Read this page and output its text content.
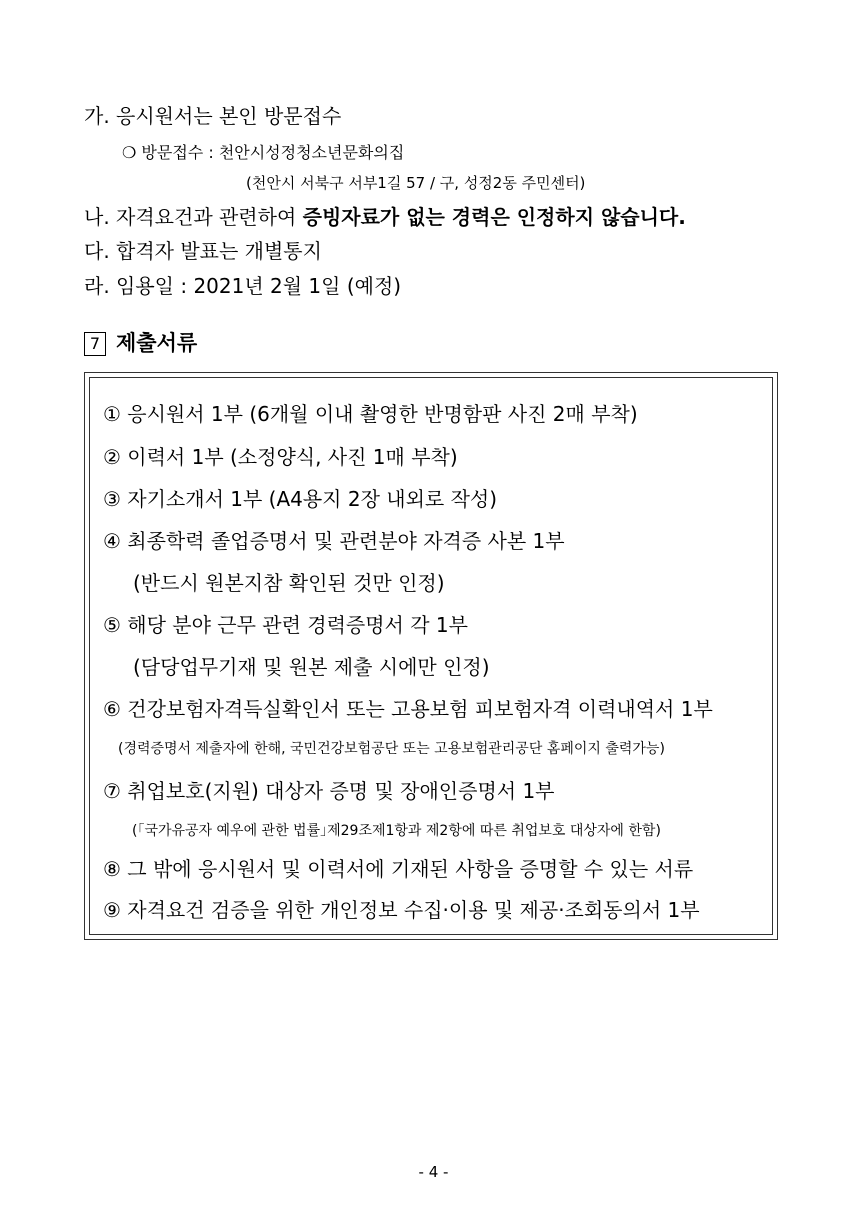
가. 응시원서는 본인 방문접수
❍ 방문접수 : 천안시성정청소년문화의집
(천안시 서북구 서부1길 57 / 구, 성정2동 주민센터)
나. 자격요건과 관련하여 증빙자료가 없는 경력은 인정하지 않습니다.
다. 합격자 발표는 개별통지
라. 임용일 : 2021년 2월 1일 (예정)
7 제출서류
① 응시원서 1부 (6개월 이내 촬영한 반명함판 사진 2매 부착)
② 이력서 1부 (소정양식, 사진 1매 부착)
③ 자기소개서 1부 (A4용지 2장 내외로 작성)
④ 최종학력 졸업증명서 및 관련분야 자격증 사본 1부
(반드시 원본지참 확인된 것만 인정)
⑤ 해당 분야 근무 관련 경력증명서 각 1부
(담당업무기재 및 원본 제출 시에만 인정)
⑥ 건강보험자격득실확인서 또는 고용보험 피보험자격 이력내역서 1부
(경력증명서 제출자에 한해, 국민건강보험공단 또는 고용보험관리공단 홈페이지 출력가능)
⑦ 취업보호(지원) 대상자 증명 및 장애인증명서 1부
(｢국가유공자 예우에 관한 법률｣제29조제1항과 제2항에 따른 취업보호 대상자에 한함)
⑧ 그 밖에 응시원서 및 이력서에 기재된 사항을 증명할 수 있는 서류
⑨ 자격요건 검증을 위한 개인정보 수집·이용 및 제공·조회동의서 1부
- 4 -
